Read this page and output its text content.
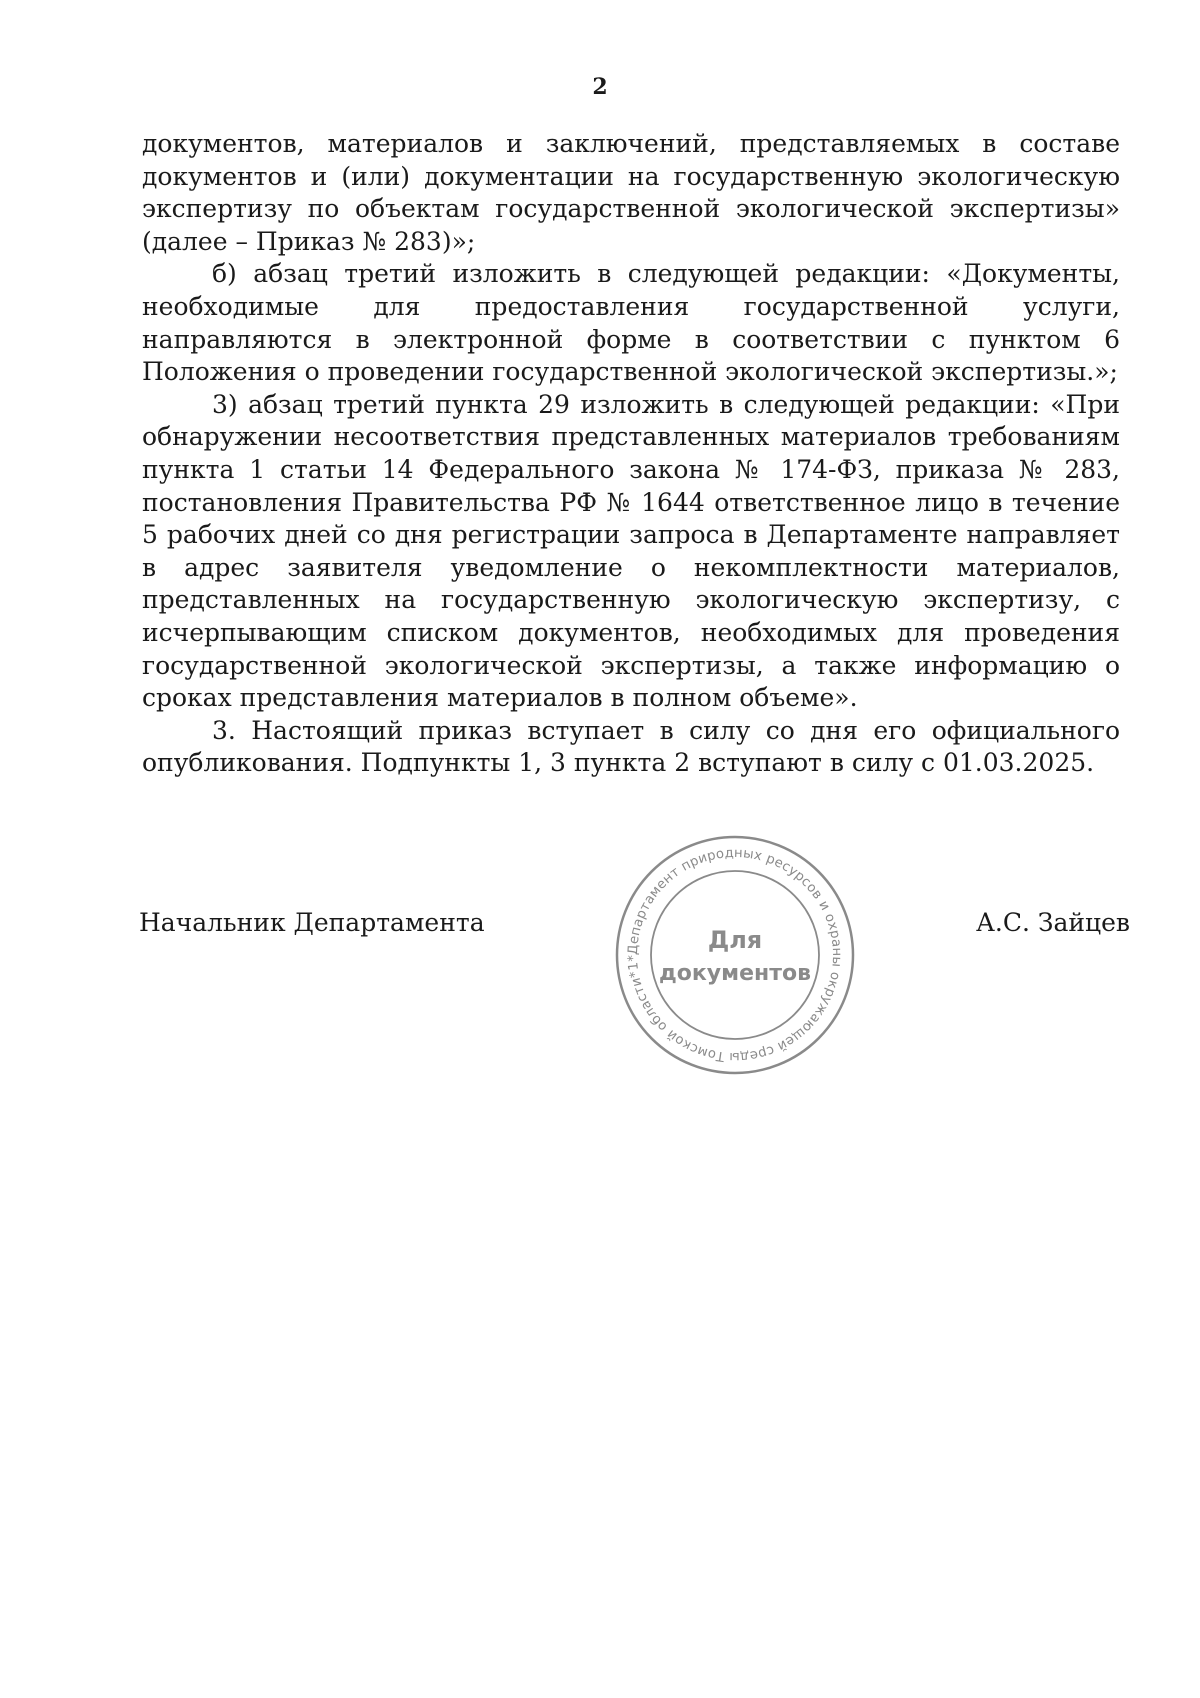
2

документов, материалов и заключений, представляемых в составе документов и (или) документации на государственную экологическую экспертизу по объектам государственной экологической экспертизы» (далее – Приказ № 283)»;

б) абзац третий изложить в следующей редакции: «Документы, необходимые для предоставления государственной услуги, направляются в электронной форме в соответствии с пунктом 6 Положения о проведении государственной экологической экспертизы.»;

3) абзац третий пункта 29 изложить в следующей редакции: «При обнаружении несоответствия представленных материалов требованиям пункта 1 статьи 14 Федерального закона № 174-ФЗ, приказа № 283, постановления Правительства РФ № 1644 ответственное лицо в течение 5 рабочих дней со дня регистрации запроса в Департаменте направляет в адрес заявителя уведомление о некомплектности материалов, представленных на государственную экологическую экспертизу, с исчерпывающим списком документов, необходимых для проведения государственной экологической экспертизы, а также информацию о сроках представления материалов в полном объеме».

3. Настоящий приказ вступает в силу со дня его официального опубликования. Подпункты 1, 3 пункта 2 вступают в силу с 01.03.2025.

Начальник Департамента	А.С. Зайцев
Департамент природных ресурсов и охраны окружающей среды Томской области*1*
Для
документов
